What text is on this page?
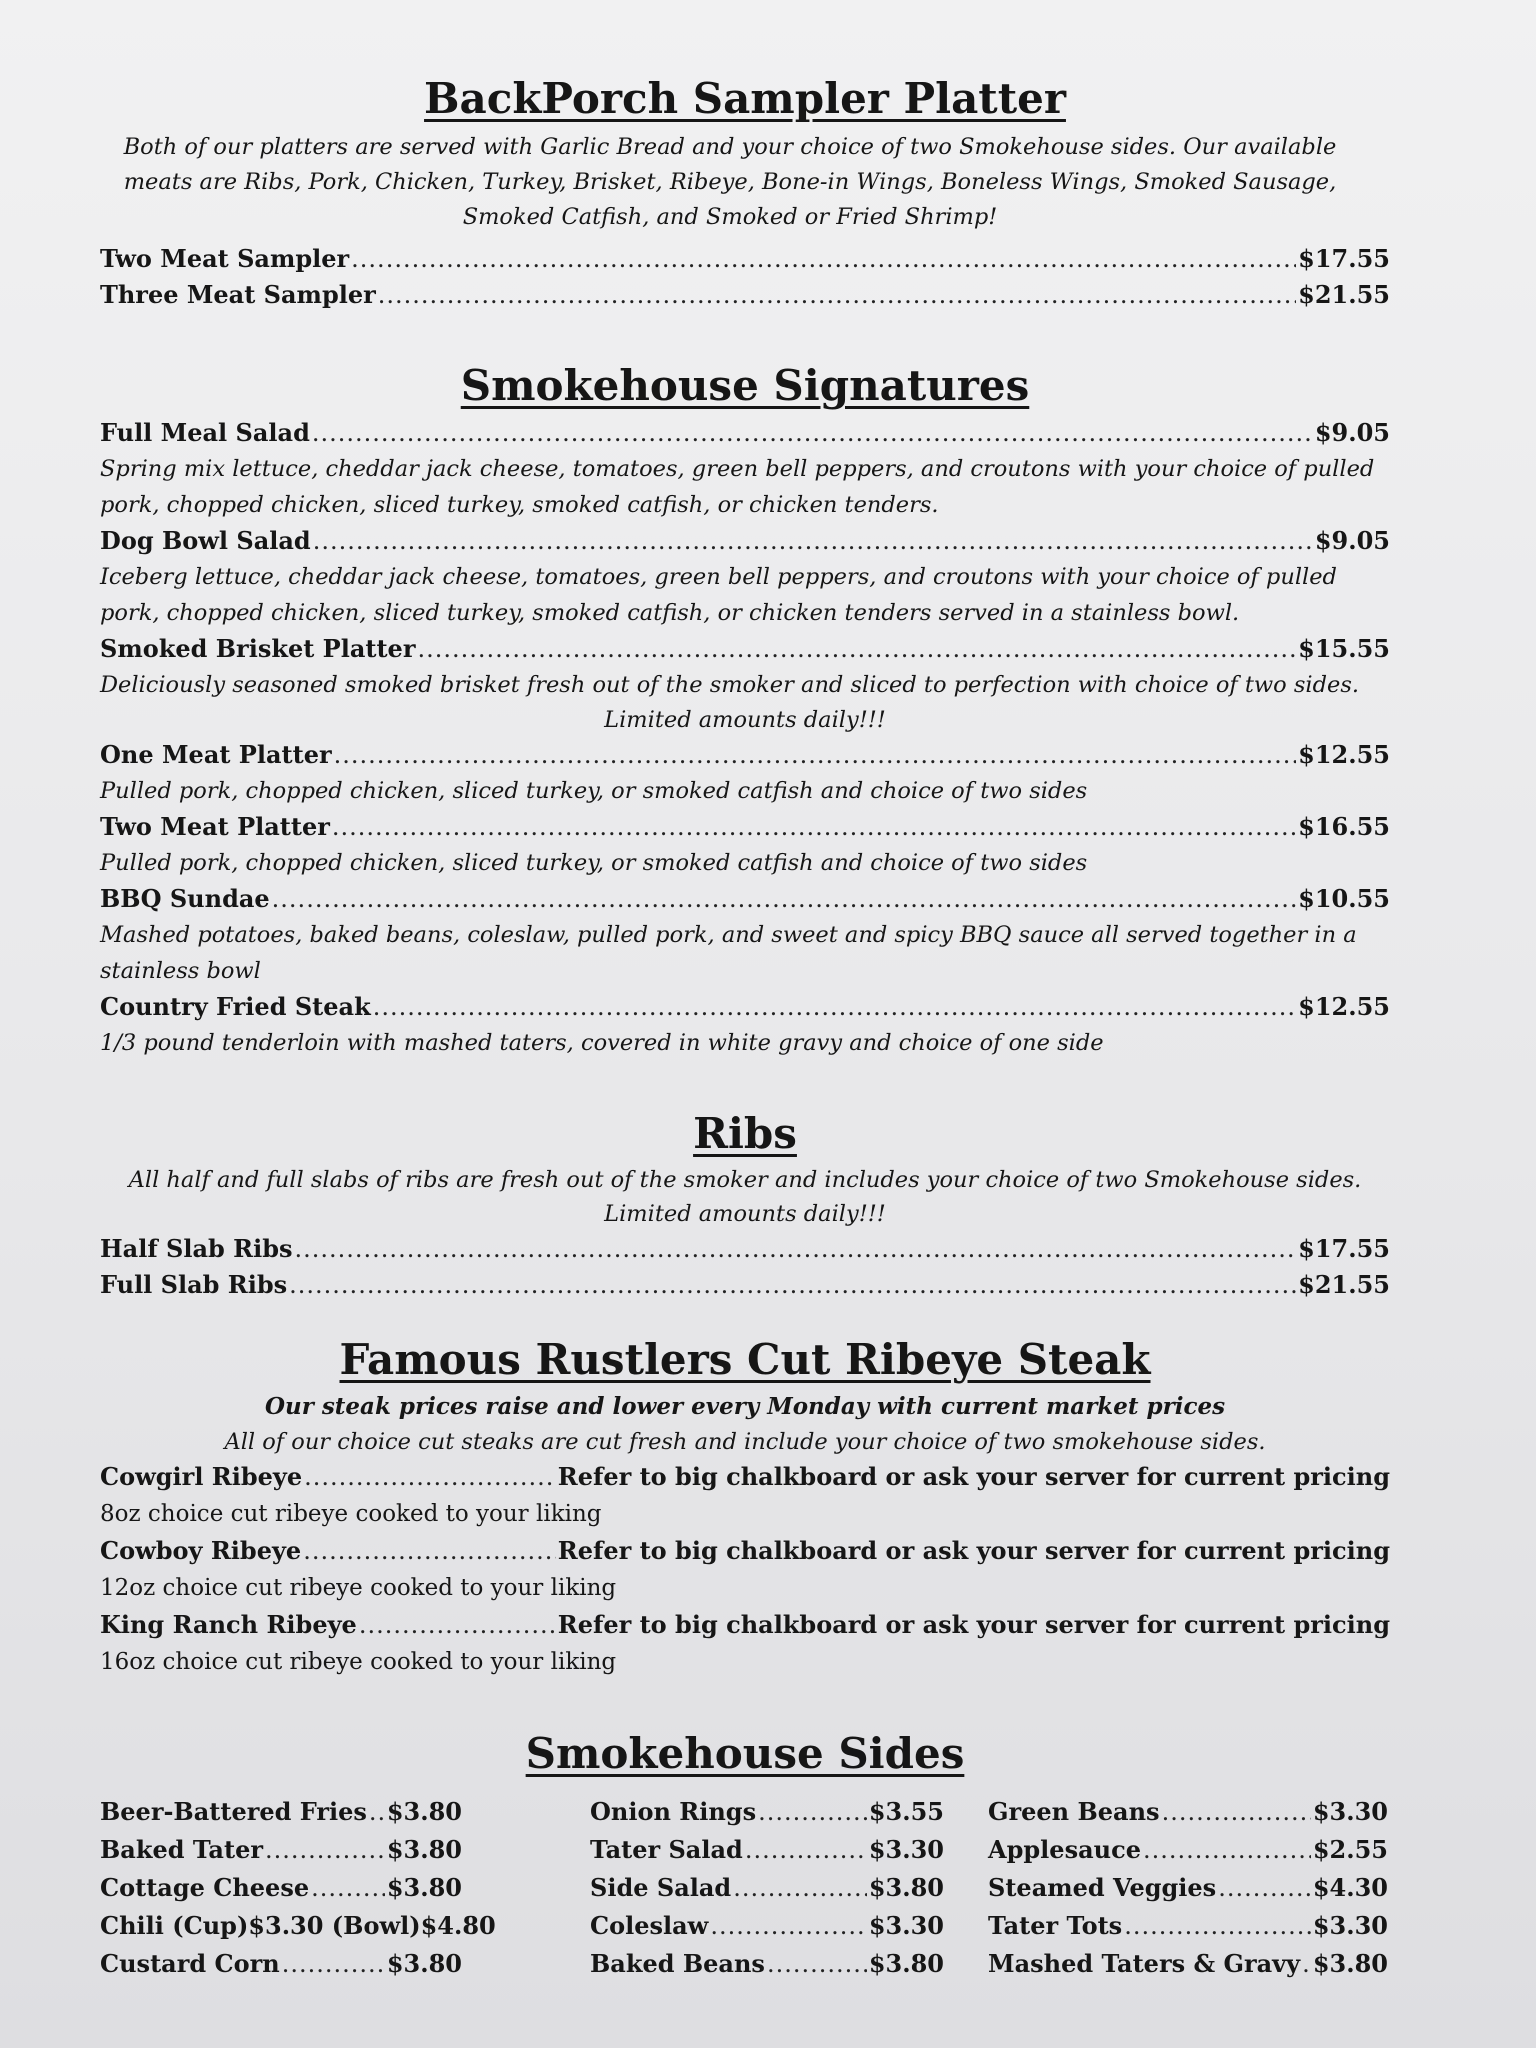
BackPorch Sampler Platter
Both of our platters are served with Garlic Bread and your choice of two Smokehouse sides. Our available meats are Ribs, Pork, Chicken, Turkey, Brisket, Ribeye, Bone-in Wings, Boneless Wings, Smoked Sausage, Smoked Catfish, and Smoked or Fried Shrimp!
Two Meat Sampler .....	$17.55
Three Meat Sampler .....	$21.55
Smokehouse Signatures
Full Meal Salad .....	$9.05
Spring mix lettuce, cheddar jack cheese, tomatoes, green bell peppers, and croutons with your choice of pulled pork, chopped chicken, sliced turkey, smoked catfish, or chicken tenders.
Dog Bowl Salad .....	$9.05
Iceberg lettuce, cheddar jack cheese, tomatoes, green bell peppers, and croutons with your choice of pulled pork, chopped chicken, sliced turkey, smoked catfish, or chicken tenders served in a stainless bowl.
Smoked Brisket Platter .....	$15.55
Deliciously seasoned smoked brisket fresh out of the smoker and sliced to perfection with choice of two sides.
Limited amounts daily!!!
One Meat Platter .....	$12.55
Pulled pork, chopped chicken, sliced turkey, or smoked catfish and choice of two sides
Two Meat Platter .....	$16.55
Pulled pork, chopped chicken, sliced turkey, or smoked catfish and choice of two sides
BBQ Sundae .....	$10.55
Mashed potatoes, baked beans, coleslaw, pulled pork, and sweet and spicy BBQ sauce all served together in a stainless bowl
Country Fried Steak .....	$12.55
1/3 pound tenderloin with mashed taters, covered in white gravy and choice of one side
Ribs
All half and full slabs of ribs are fresh out of the smoker and includes your choice of two Smokehouse sides.
Limited amounts daily!!!
Half Slab Ribs .....	$17.55
Full Slab Ribs .....	$21.55
Famous Rustlers Cut Ribeye Steak
Our steak prices raise and lower every Monday with current market prices
All of our choice cut steaks are cut fresh and include your choice of two smokehouse sides.
Cowgirl Ribeye .....	Refer to big chalkboard or ask your server for current pricing
8oz choice cut ribeye cooked to your liking
Cowboy Ribeye .....	Refer to big chalkboard or ask your server for current pricing
12oz choice cut ribeye cooked to your liking
King Ranch Ribeye .....	Refer to big chalkboard or ask your server for current pricing
16oz choice cut ribeye cooked to your liking
Smokehouse Sides
Beer-Battered Fries ..... $3.80
Baked Tater .....	$3.80
Cottage Cheese .....	$3.80
Chili (Cup)$3.30 (Bowl)$4.80
Custard Corn .....	$3.80
Onion Rings .....	$3.55
Tater Salad .....	$3.30
Side Salad .....	$3.80
Coleslaw .....	$3.30
Baked Beans .....	$3.80
Green Beans .....	$3.30
Applesauce .....	$2.55
Steamed Veggies .....	$4.30
Tater Tots .....	$3.30
Mashed Taters & Gravy ..... $3.80
